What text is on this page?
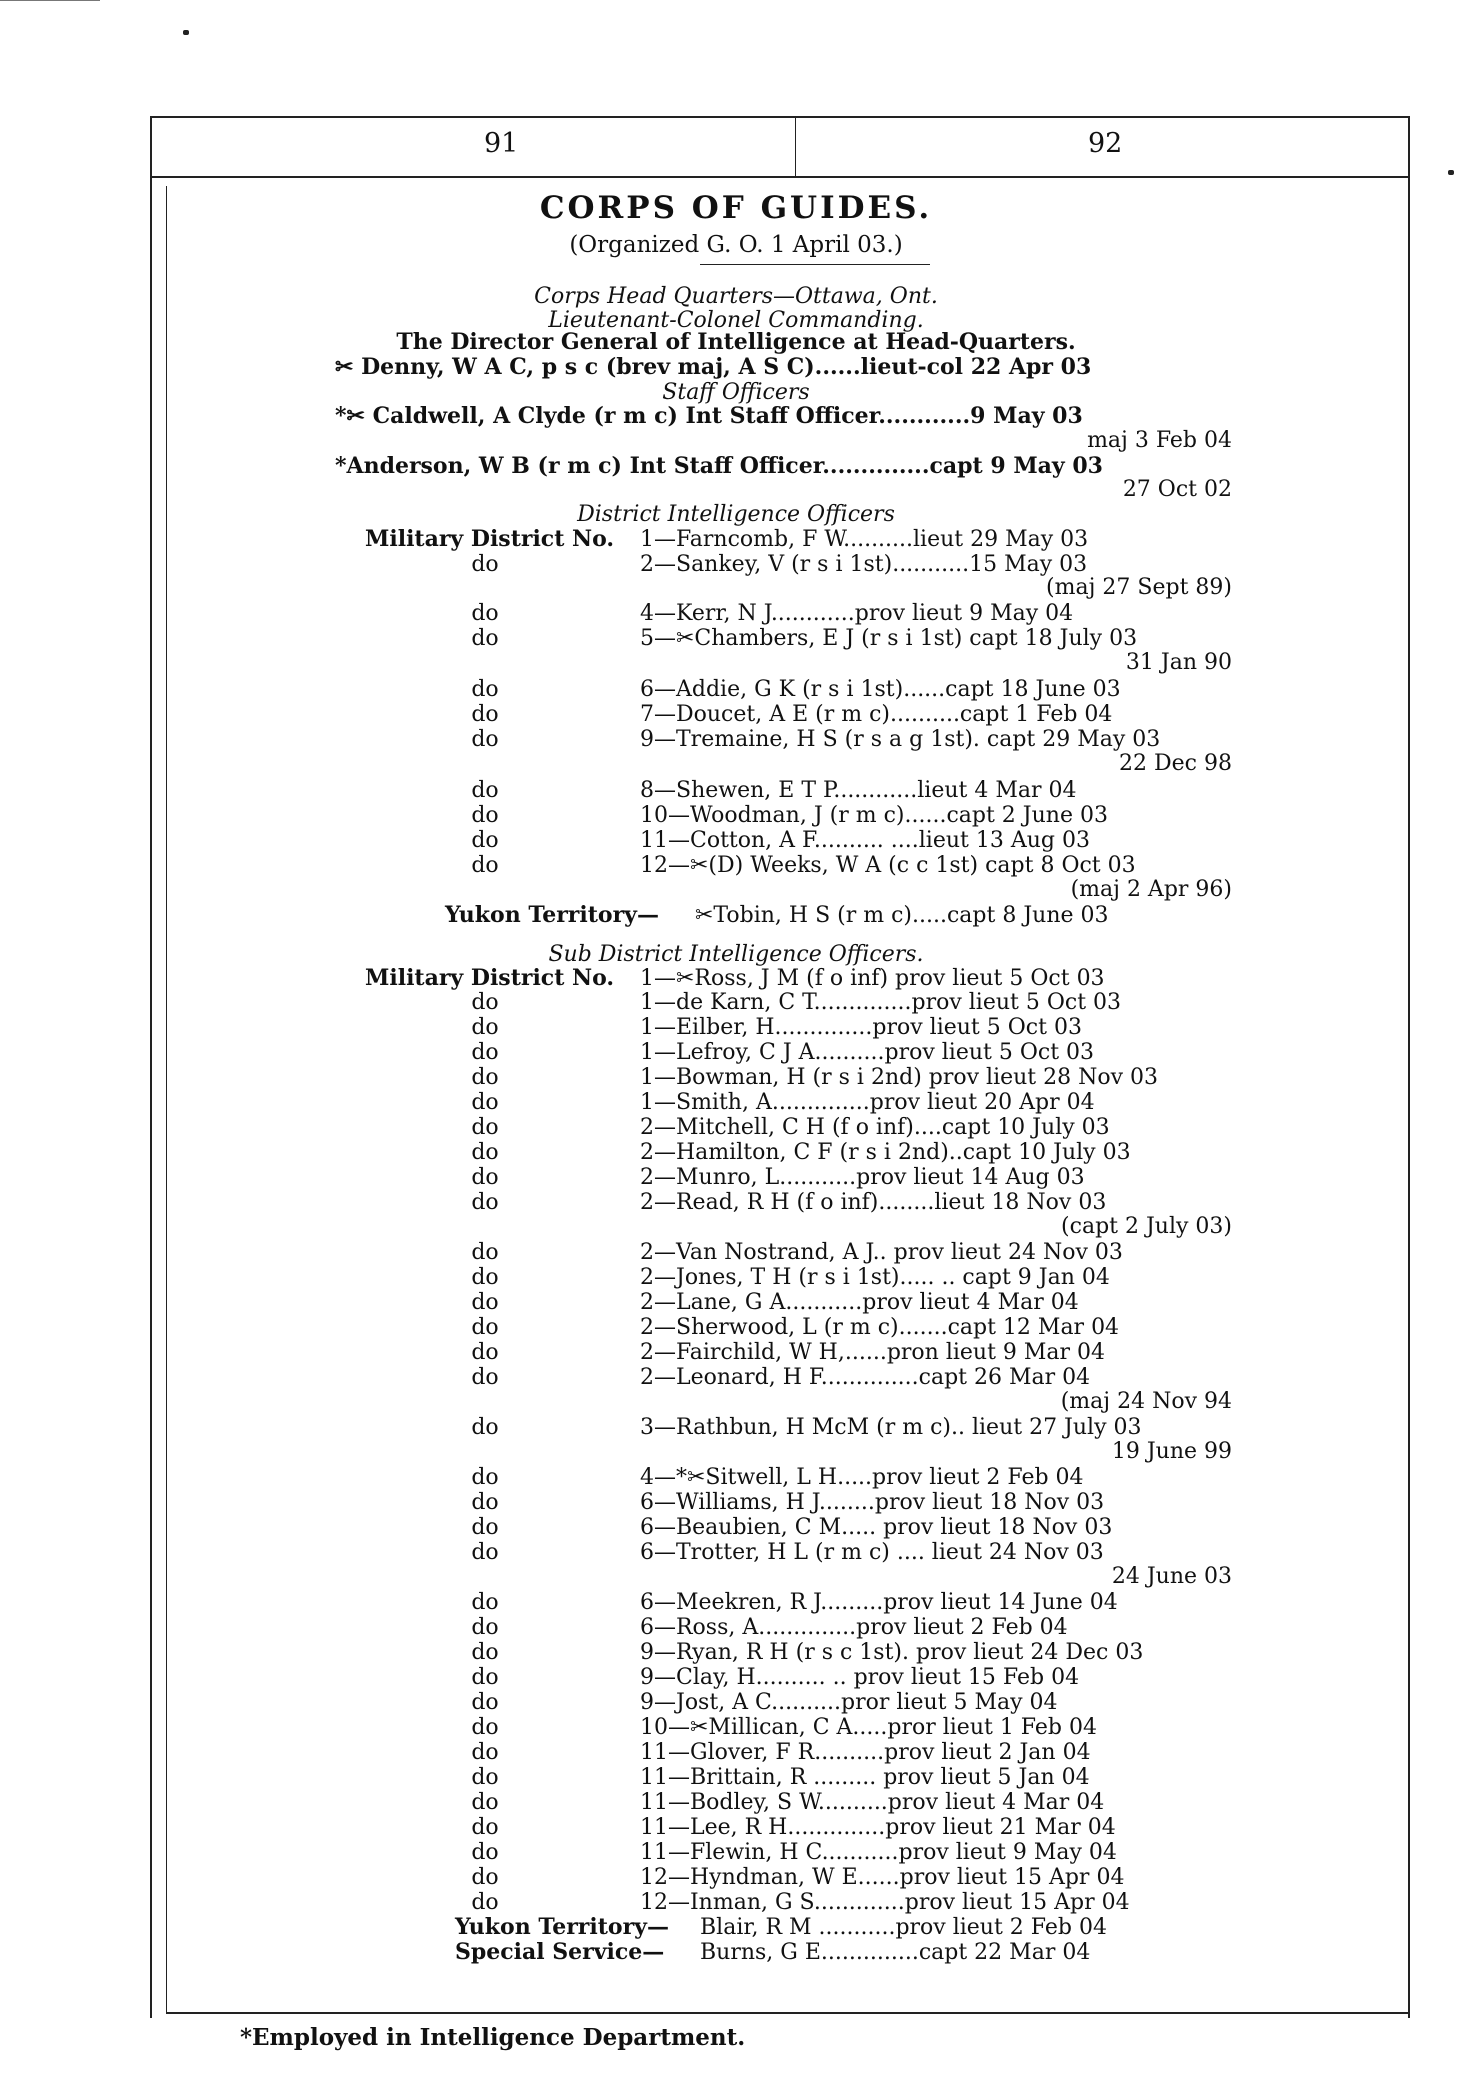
91	92
CORPS OF GUIDES.
(Organized G. O. 1 April 03.)
Corps Head Quarters—Ottawa, Ont.
Lieutenant-Colonel Commanding.
The Director General of Intelligence at Head-Quarters.
✂ Denny, W A C, p s c (brev maj, A S C)......lieut-col 22 Apr 03
Staff Officers
*✂ Caldwell, A Clyde (r m c) Int Staff Officer............9 May 03
maj 3 Feb 04
*Anderson, W B (r m c) Int Staff Officer..............capt 9 May 03
27 Oct 02
Military District No.	1—Farncomb, F W..........lieut 29 May 03
do	2—Sankey, V (r s i 1st)...........15 May 03
(maj 27 Sept 89)
do	4—Kerr, N J............prov lieut 9 May 04
do	5—✂Chambers, E J (r s i 1st) capt 18 July 03
31 Jan 90
do	6—Addie, G K (r s i 1st)......capt 18 June 03
do	7—Doucet, A E (r m c)..........capt 1 Feb 04
do	9—Tremaine, H S (r s a g 1st). capt 29 May 03
22 Dec 98
do	8—Shewen, E T P............lieut 4 Mar 04
do	10—Woodman, J (r m c)......capt 2 June 03
do	11—Cotton, A F.......... ....lieut 13 Aug 03
do	12—✂(D) Weeks, W A (c c 1st) capt 8 Oct 03
(maj 2 Apr 96)
Yukon Territory—	✂Tobin, H S (r m c).....capt 8 June 03
Military District No.	1—✂Ross, J M (f o inf) prov lieut 5 Oct 03
do	1—de Karn, C T..............prov lieut 5 Oct 03
do	1—Eilber, H..............prov lieut 5 Oct 03
do	1—Lefroy, C J A..........prov lieut 5 Oct 03
do	1—Bowman, H (r s i 2nd) prov lieut 28 Nov 03
do	1—Smith, A..............prov lieut 20 Apr 04
do	2—Mitchell, C H (f o inf)....capt 10 July 03
do	2—Hamilton, C F (r s i 2nd)..capt 10 July 03
do	2—Munro, L...........prov lieut 14 Aug 03
do	2—Read, R H (f o inf)........lieut 18 Nov 03
(capt 2 July 03)
do	2—Van Nostrand, A J.. prov lieut 24 Nov 03
do	2—Jones, T H (r s i 1st)..... .. capt 9 Jan 04
do	2—Lane, G A...........prov lieut 4 Mar 04
do	2—Sherwood, L (r m c).......capt 12 Mar 04
do	2—Fairchild, W H,......pron lieut 9 Mar 04
do	2—Leonard, H F..............capt 26 Mar 04
(maj 24 Nov 94
do	3—Rathbun, H McM (r m c).. lieut 27 July 03
19 June 99
do	4—*✂Sitwell, L H.....prov lieut 2 Feb 04
do	6—Williams, H J........prov lieut 18 Nov 03
do	6—Beaubien, C M..... prov lieut 18 Nov 03
do	6—Trotter, H L (r m c) .... lieut 24 Nov 03
24 June 03
do	6—Meekren, R J.........prov lieut 14 June 04
do	6—Ross, A..............prov lieut 2 Feb 04
do	9—Ryan, R H (r s c 1st). prov lieut 24 Dec 03
do	9—Clay, H.......... .. prov lieut 15 Feb 04
do	9—Jost, A C..........pror lieut 5 May 04
do	10—✂Millican, C A.....pror lieut 1 Feb 04
do	11—Glover, F R..........prov lieut 2 Jan 04
do	11—Brittain, R ......... prov lieut 5 Jan 04
do	11—Bodley, S W..........prov lieut 4 Mar 04
do	11—Lee, R H..............prov lieut 21 Mar 04
do	11—Flewin, H C...........prov lieut 9 May 04
do	12—Hyndman, W E......prov lieut 15 Apr 04
do	12—Inman, G S.............prov lieut 15 Apr 04
Yukon Territory—	Blair, R M ...........prov lieut 2 Feb 04
Special Service—	Burns, G E..............capt 22 Mar 04
District Intelligence Officers
Sub District Intelligence Officers.
*Employed in Intelligence Department.
